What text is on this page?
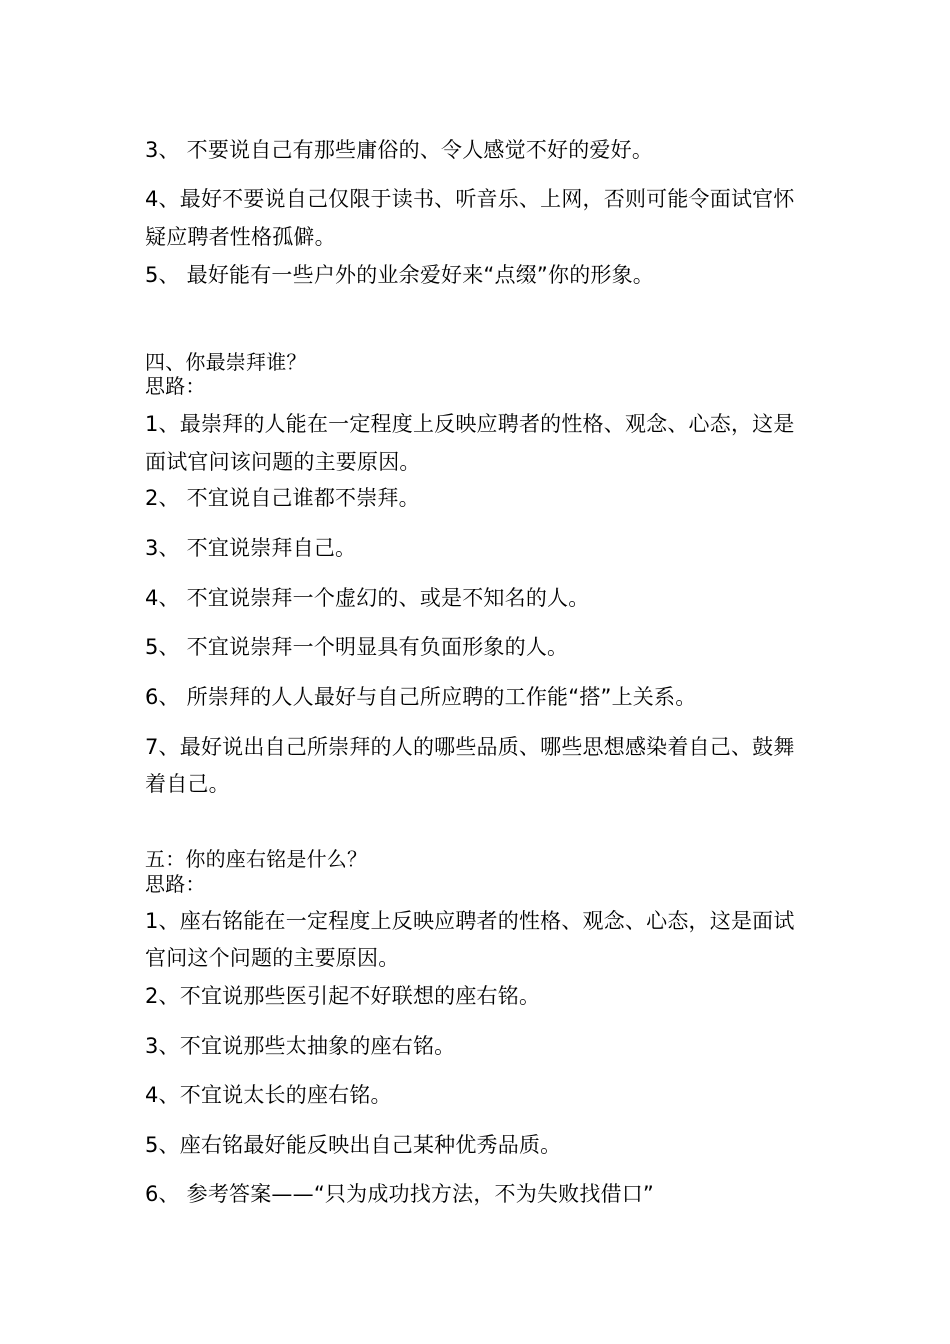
3、 不要说自己有那些庸俗的、令人感觉不好的爱好。
4、最好不要说自己仅限于读书、听音乐、上网，否则可能令面试官怀
疑应聘者性格孤僻。
5、 最好能有一些户外的业余爱好来“点缀”你的形象。
四、你最崇拜谁？
思路：
1、最崇拜的人能在一定程度上反映应聘者的性格、观念、心态，这是
面试官问该问题的主要原因。
2、 不宜说自己谁都不崇拜。
3、 不宜说崇拜自己。
4、 不宜说崇拜一个虚幻的、或是不知名的人。
5、 不宜说崇拜一个明显具有负面形象的人。
6、 所崇拜的人人最好与自己所应聘的工作能“搭”上关系。
7、最好说出自己所崇拜的人的哪些品质、哪些思想感染着自己、鼓舞
着自己。
五：你的座右铭是什么？
思路：
1、座右铭能在一定程度上反映应聘者的性格、观念、心态，这是面试
官问这个问题的主要原因。
2、不宜说那些医引起不好联想的座右铭。
3、不宜说那些太抽象的座右铭。
4、不宜说太长的座右铭。
5、座右铭最好能反映出自己某种优秀品质。
6、 参考答案——“只为成功找方法，不为失败找借口”
